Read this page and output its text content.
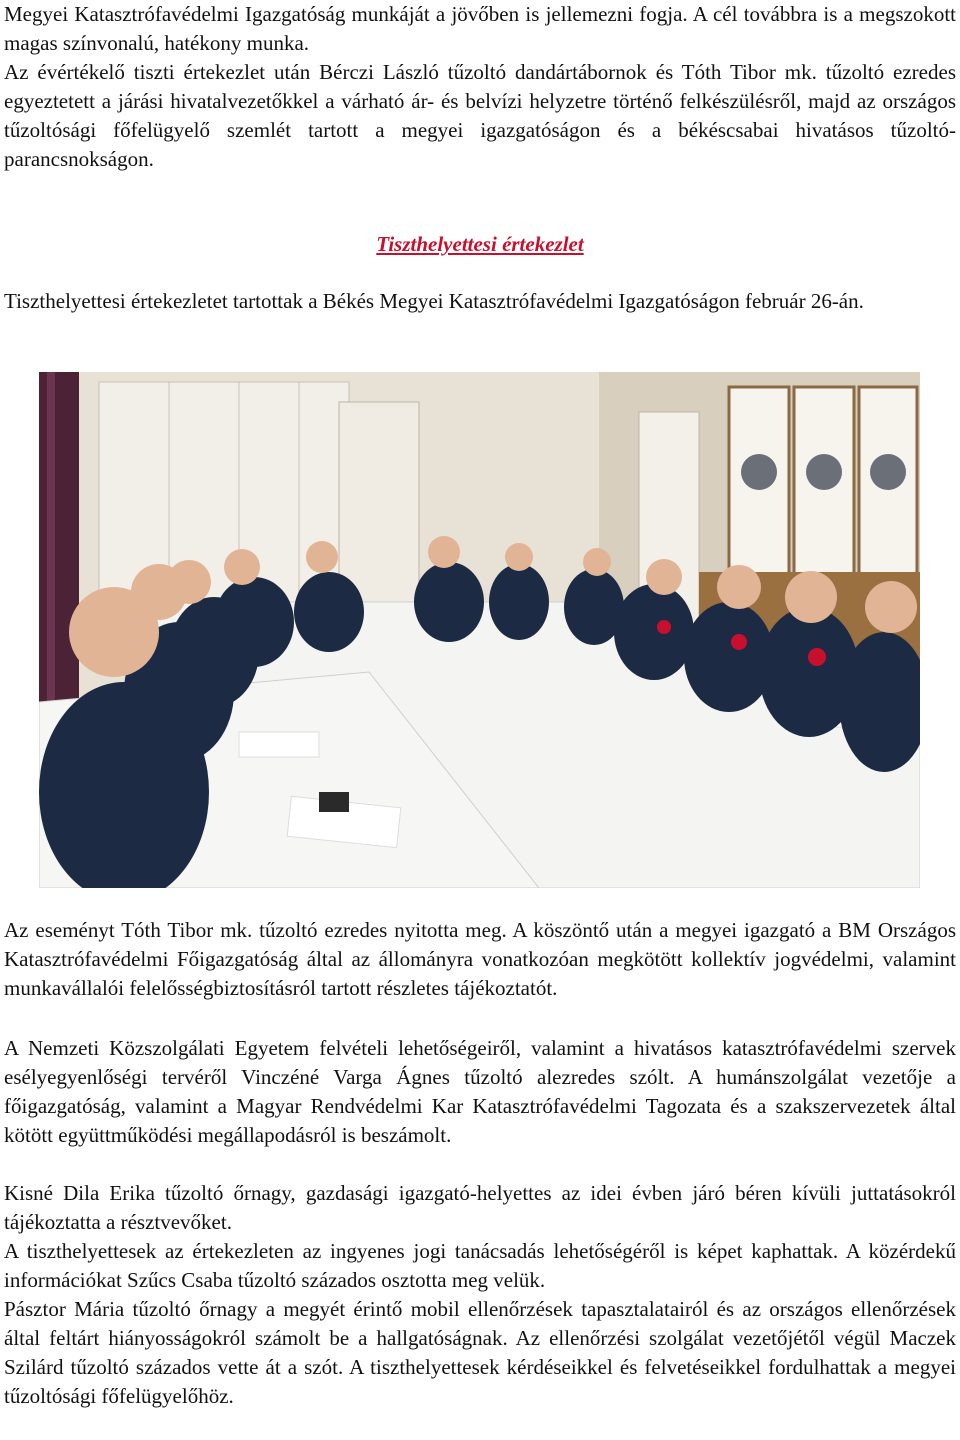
Megyei Katasztrófavédelmi Igazgatóság munkáját a jövőben is jellemezni fogja. A cél továbbra is a megszokott magas színvonalú, hatékony munka.

Az évértékelő tiszti értekezlet után Bérczi László tűzoltó dandártábornok és Tóth Tibor mk. tűzoltó ezredes egyeztetett a járási hivatalvezetőkkel a várható ár- és belvízi helyzetre történő felkészülésről, majd az országos tűzoltósági főfelügyelő szemlét tartott a megyei igazgatóságon és a békéscsabai hivatásos tűzoltó-parancsnokságon.

Tiszthelyettesi értekezlet

Tiszthelyettesi értekezletet tartottak a Békés Megyei Katasztrófavédelmi Igazgatóságon február 26-án.

Az eseményt Tóth Tibor mk. tűzoltó ezredes nyitotta meg. A köszöntő után a megyei igazgató a BM Országos Katasztrófavédelmi Főigazgatóság által az állományra vonatkozóan megkötött kollektív jogvédelmi, valamint munkavállalói felelősségbiztosításról tartott részletes tájékoztatót.

A Nemzeti Közszolgálati Egyetem felvételi lehetőségeiről, valamint a hivatásos katasztrófavédelmi szervek esélyegyenlőségi tervéről Vinczéné Varga Ágnes tűzoltó alezredes szólt. A humánszolgálat vezetője a főigazgatóság, valamint a Magyar Rendvédelmi Kar Katasztrófavédelmi Tagozata és a szakszervezetek által kötött együttműködési megállapodásról is beszámolt.

Kisné Dila Erika tűzoltó őrnagy, gazdasági igazgató-helyettes az idei évben járó béren kívüli juttatásokról tájékoztatta a résztvevőket.

A tiszthelyettesek az értekezleten az ingyenes jogi tanácsadás lehetőségéről is képet kaphattak. A közérdekű információkat Szűcs Csaba tűzoltó százados osztotta meg velük.

Pásztor Mária tűzoltó őrnagy a megyét érintő mobil ellenőrzések tapasztalatairól és az országos ellenőrzések által feltárt hiányosságokról számolt be a hallgatóságnak. Az ellenőrzési szolgálat vezetőjétől végül Maczek Szilárd tűzoltó százados vette át a szót. A tiszthelyettesek kérdéseikkel és felvetéseikkel fordulhattak a megyei tűzoltósági főfelügyelőhöz.
